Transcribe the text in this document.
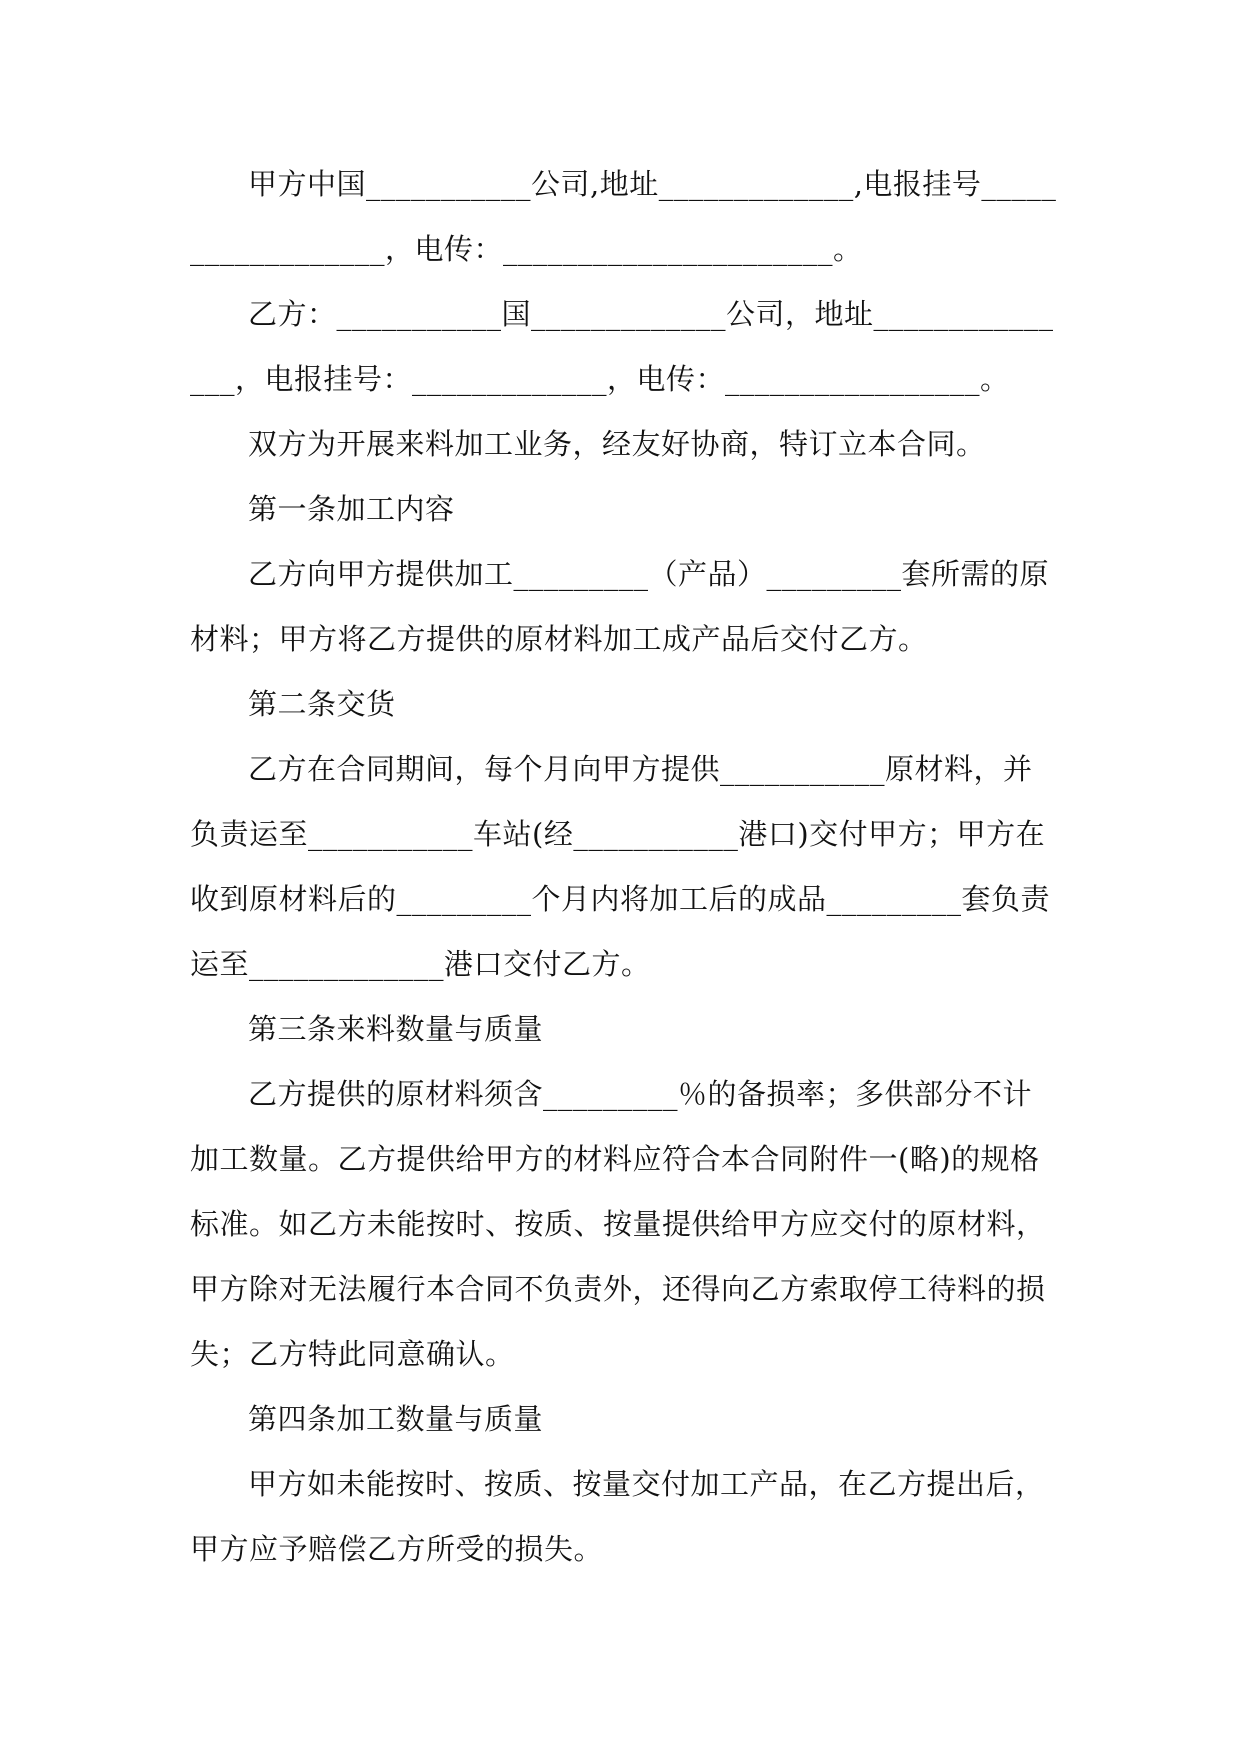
甲方中国___________公司,地址_____________,电报挂号__________________，电传：______________________。

乙方：___________国_____________公司，地址_______________，电报挂号：_____________，电传：_________________。

双方为开展来料加工业务，经友好协商，特订立本合同。

第一条加工内容

乙方向甲方提供加工_________（产品）_________套所需的原材料；甲方将乙方提供的原材料加工成产品后交付乙方。

第二条交货

乙方在合同期间，每个月向甲方提供___________原材料，并负责运至___________车站(经___________港口)交付甲方；甲方在收到原材料后的_________个月内将加工后的成品_________套负责运至_____________港口交付乙方。

第三条来料数量与质量

乙方提供的原材料须含_________％的备损率；多供部分不计加工数量。乙方提供给甲方的材料应符合本合同附件一(略)的规格标准。如乙方未能按时、按质、按量提供给甲方应交付的原材料，甲方除对无法履行本合同不负责外，还得向乙方索取停工待料的损失；乙方特此同意确认。

第四条加工数量与质量

甲方如未能按时、按质、按量交付加工产品，在乙方提出后，甲方应予赔偿乙方所受的损失。
